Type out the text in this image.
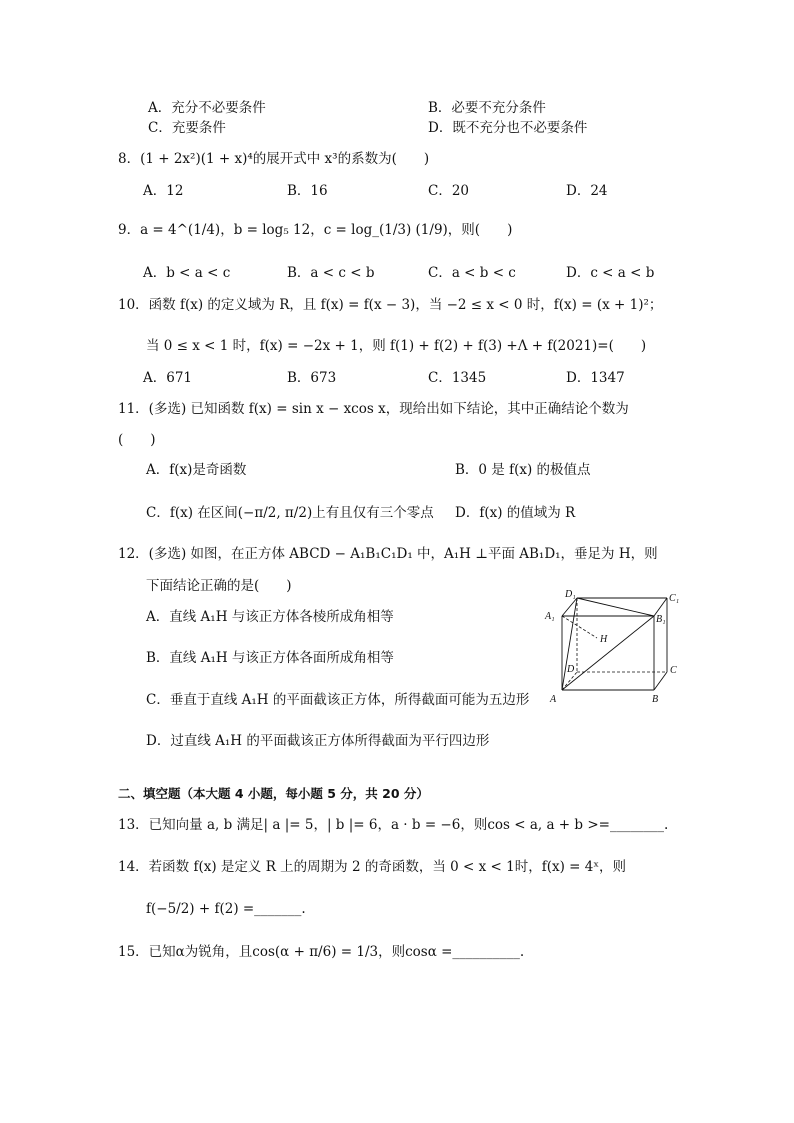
A．充分不必要条件	B．必要不充分条件
C．充要条件	D．既不充分也不必要条件
8．(1 + 2x²)(1 + x)⁴的展开式中 x³的系数为(　　)
A．12	B．16	C．20	D．24
9．a = 4^(1/4)，b = log₅ 12，c = log_(1/3) (1/9)，则(　　)
A．b < a < c	B．a < c < b	C．a < b < c	D．c < a < b
10．函数 f(x) 的定义域为 R，且 f(x) = f(x − 3)，当 −2 ≤ x < 0 时，f(x) = (x + 1)²；
当 0 ≤ x < 1 时，f(x) = −2x + 1，则 f(1) + f(2) + f(3) +Λ + f(2021)=(　　)
A．671	B．673	C．1345	D．1347
11．(多选) 已知函数 f(x) = sin x − xcos x，现给出如下结论，其中正确结论个数为
(　　)
A．f(x)是奇函数	B．0 是 f(x) 的极值点
C．f(x) 在区间(−π/2, π/2)上有且仅有三个零点 D．f(x) 的值域为 R
12．(多选) 如图，在正方体 ABCD − A₁B₁C₁D₁ 中，A₁H ⊥平面 AB₁D₁，垂足为 H，则
下面结论正确的是(　　)
A．直线 A₁H 与该正方体各棱所成角相等
B．直线 A₁H 与该正方体各面所成角相等
C．垂直于直线 A₁H 的平面截该正方体，所得截面可能为五边形
D．过直线 A₁H 的平面截该正方体所得截面为平行四边形
D₁	C₁
A₁	B₁
H
D	C
A	B
二、填空题（本大题 4 小题，每小题 5 分，共 20 分）
13．已知向量 a, b 满足| a |= 5，| b |= 6，a · b = −6，则cos < a, a + b >=________.
14．若函数 f(x) 是定义 R 上的周期为 2 的奇函数，当 0 < x < 1时，f(x) = 4ˣ，则
f(−5/2) + f(2) =_______.
15．已知α为锐角，且cos(α + π/6) = 1/3，则cosα =__________.
